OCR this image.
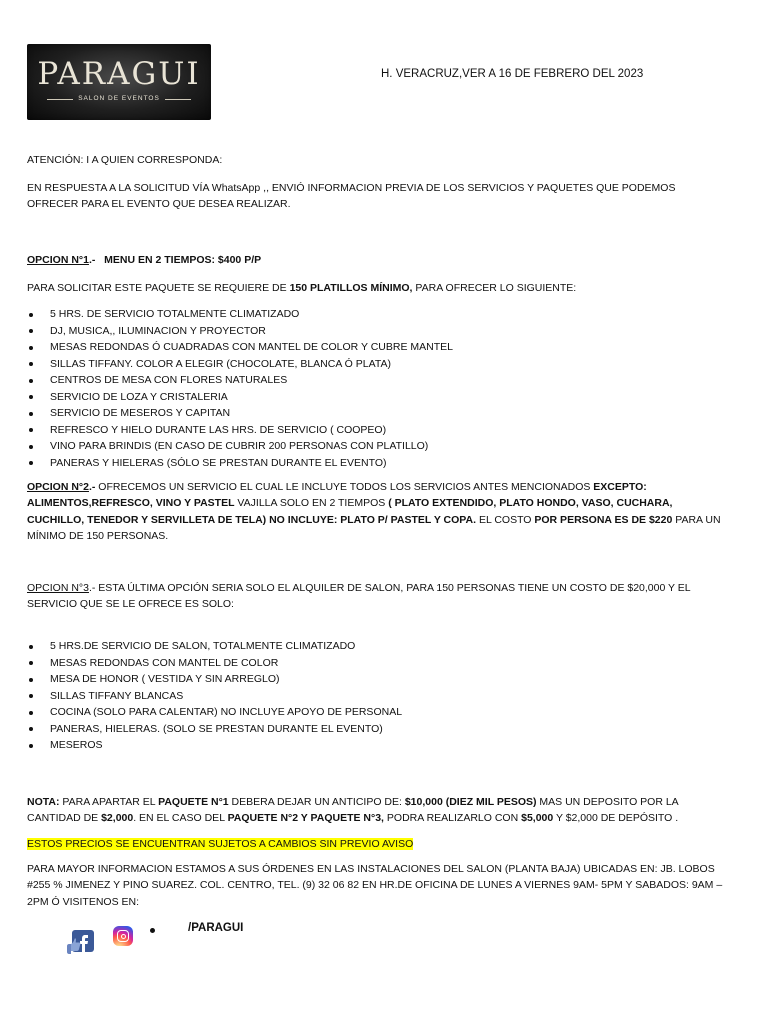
PARAGUI
SALON DE EVENTOS
H. VERACRUZ,VER A 16 DE FEBRERO DEL 2023
ATENCIÓN: I A QUIEN CORRESPONDA:
EN RESPUESTA A LA SOLICITUD VÍA WhatsApp ,, ENVIÓ INFORMACION PREVIA DE LOS SERVICIOS Y PAQUETES QUE PODEMOS OFRECER PARA EL EVENTO QUE DESEA REALIZAR.
OPCION N°1.- MENU EN 2 TIEMPOS: $400 P/P
PARA SOLICITAR ESTE PAQUETE SE REQUIERE DE 150 PLATILLOS MÍNIMO, PARA OFRECER LO SIGUIENTE:
5 HRS. DE SERVICIO TOTALMENTE CLIMATIZADO
DJ, MUSICA,, ILUMINACION Y PROYECTOR
MESAS REDONDAS Ó CUADRADAS CON MANTEL DE COLOR Y CUBRE MANTEL
SILLAS TIFFANY. COLOR A ELEGIR (CHOCOLATE, BLANCA Ó PLATA)
CENTROS DE MESA CON FLORES NATURALES
SERVICIO DE LOZA Y CRISTALERIA
SERVICIO DE MESEROS Y CAPITAN
REFRESCO Y HIELO DURANTE LAS HRS. DE SERVICIO ( COOPEO)
VINO PARA BRINDIS (EN CASO DE CUBRIR 200 PERSONAS CON PLATILLO)
PANERAS Y HIELERAS (SÓLO SE PRESTAN DURANTE EL EVENTO)
OPCION N°2.- OFRECEMOS UN SERVICIO EL CUAL LE INCLUYE TODOS LOS SERVICIOS ANTES MENCIONADOS EXCEPTO: ALIMENTOS,REFRESCO, VINO Y PASTEL VAJILLA SOLO EN 2 TIEMPOS ( PLATO EXTENDIDO, PLATO HONDO, VASO, CUCHARA, CUCHILLO, TENEDOR Y SERVILLETA DE TELA) NO INCLUYE: PLATO P/ PASTEL Y COPA. EL COSTO POR PERSONA ES DE $220 PARA UN MÍNIMO DE 150 PERSONAS.
OPCION N°3.- ESTA ÚLTIMA OPCIÓN SERIA SOLO EL ALQUILER DE SALON, PARA 150 PERSONAS TIENE UN COSTO DE $20,000 Y EL SERVICIO QUE SE LE OFRECE ES SOLO:
5 HRS.DE SERVICIO DE SALON, TOTALMENTE CLIMATIZADO
MESAS REDONDAS CON MANTEL DE COLOR
MESA DE HONOR ( VESTIDA Y SIN ARREGLO)
SILLAS TIFFANY BLANCAS
COCINA (SOLO PARA CALENTAR) NO INCLUYE APOYO DE PERSONAL
PANERAS, HIELERAS. (SOLO SE PRESTAN DURANTE EL EVENTO)
MESEROS
NOTA: PARA APARTAR EL PAQUETE N°1 DEBERA DEJAR UN ANTICIPO DE: $10,000 (DIEZ MIL PESOS) MAS UN DEPOSITO POR LA CANTIDAD DE $2,000. EN EL CASO DEL PAQUETE N°2 Y PAQUETE N°3, PODRA REALIZARLO CON $5,000 Y $2,000 DE DEPÓSITO .
ESTOS PRECIOS SE ENCUENTRAN SUJETOS A CAMBIOS SIN PREVIO AVISO
PARA MAYOR INFORMACION ESTAMOS A SUS ÓRDENES EN LAS INSTALACIONES DEL SALON (PLANTA BAJA) UBICADAS EN: JB. LOBOS #255 % JIMENEZ Y PINO SUAREZ. COL. CENTRO, TEL. (9) 32 06 82 EN HR.DE OFICINA DE LUNES A VIERNES 9AM- 5PM Y SABADOS: 9AM – 2PM Ó VISITENOS EN:
/PARAGUI
